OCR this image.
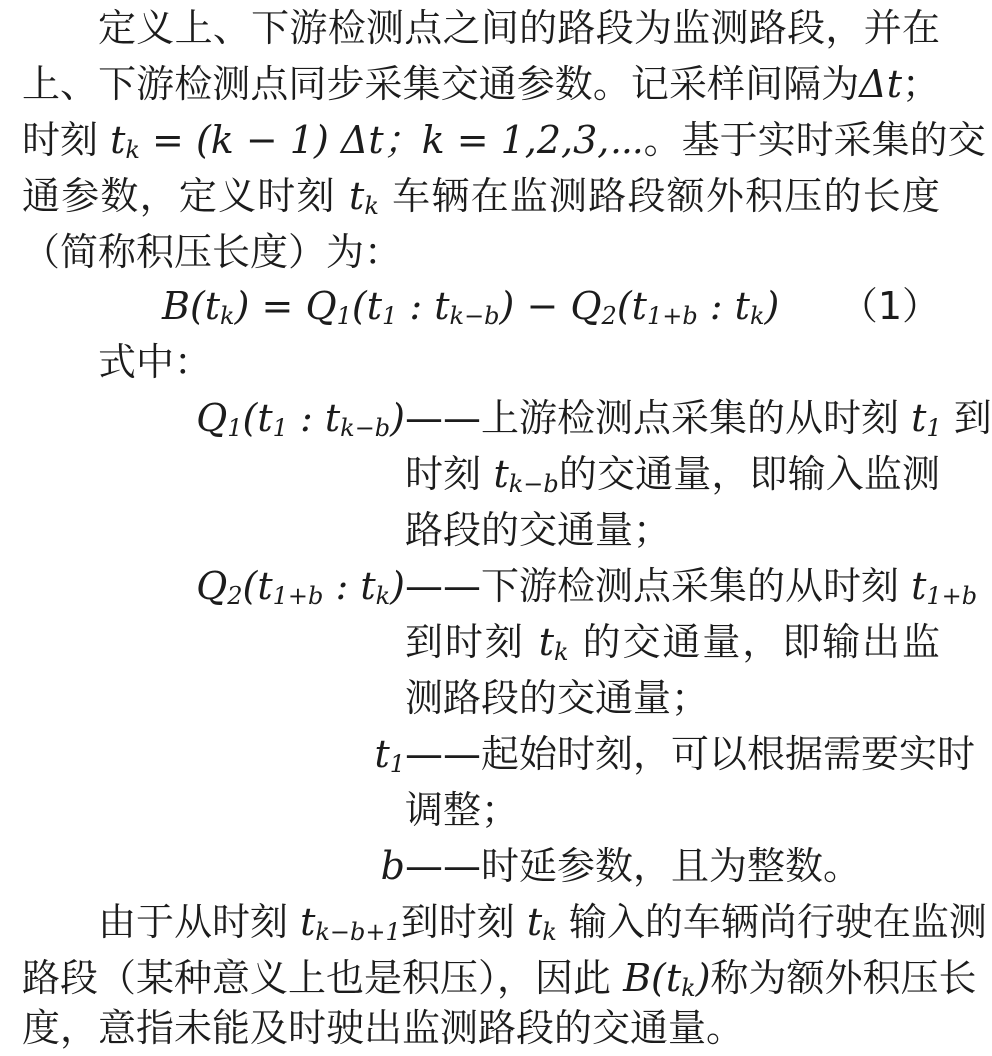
定义上、下游检测点之间的路段为监测路段，并在
上、下游检测点同步采集交通参数。记采样间隔为Δt；
时刻 tk = (k − 1) Δt；k = 1,2,3,⋯。基于实时采集的交
通参数，定义时刻 tk 车辆在监测路段额外积压的长度
（简称积压长度）为：
B(tk) = Q1(t1 : tk−b) − Q2(t1+b : tk) （1）
式中：
Q1(t1 : tk−b) ——上游检测点采集的从时刻 t1 到
时刻 tk−b的交通量，即输入监测
路段的交通量；
Q2(t1+b : tk) ——下游检测点采集的从时刻 t1+b
到时刻 tk 的交通量，即输出监
测路段的交通量；
t1 ——起始时刻，可以根据需要实时
调整；
b ——时延参数，且为整数。
由于从时刻 tk−b+1到时刻 tk 输入的车辆尚行驶在监测
路段（某种意义上也是积压），因此 B(tk)称为额外积压长
度，意指未能及时驶出监测路段的交通量。
